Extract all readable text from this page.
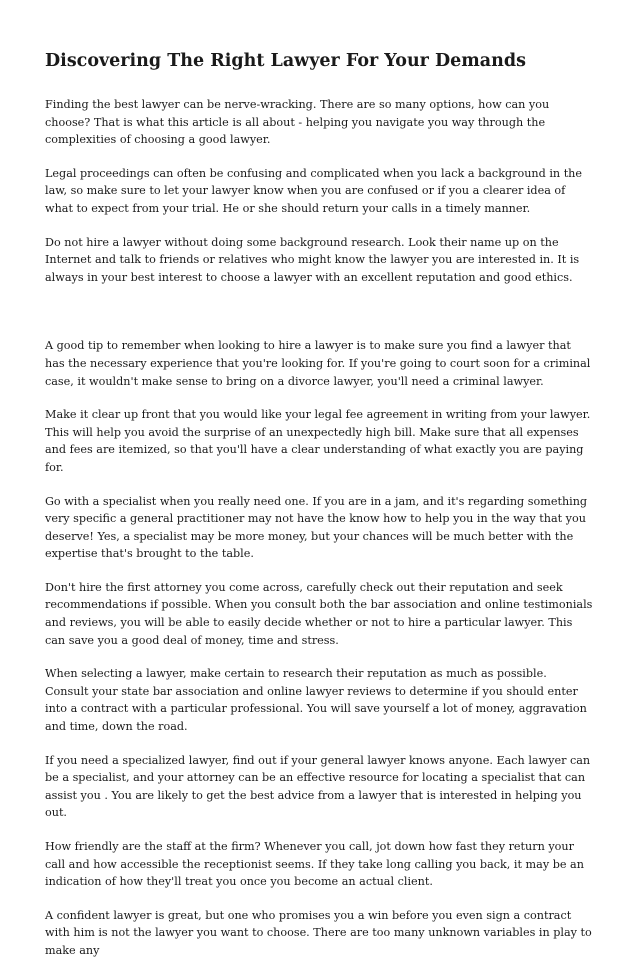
Discovering The Right Lawyer For Your Demands

Finding the best lawyer can be nerve-wracking. There are so many options, how can you choose? That is what this article is all about - helping you navigate you way through the complexities of choosing a good lawyer.

Legal proceedings can often be confusing and complicated when you lack a background in the law, so make sure to let your lawyer know when you are confused or if you a clearer idea of what to expect from your trial. He or she should return your calls in a timely manner.

Do not hire a lawyer without doing some background research. Look their name up on the Internet and talk to friends or relatives who might know the lawyer you are interested in. It is always in your best interest to choose a lawyer with an excellent reputation and good ethics.

A good tip to remember when looking to hire a lawyer is to make sure you find a lawyer that has the necessary experience that you're looking for. If you're going to court soon for a criminal case, it wouldn't make sense to bring on a divorce lawyer, you'll need a criminal lawyer.

Make it clear up front that you would like your legal fee agreement in writing from your lawyer. This will help you avoid the surprise of an unexpectedly high bill. Make sure that all expenses and fees are itemized, so that you'll have a clear understanding of what exactly you are paying for.

Go with a specialist when you really need one. If you are in a jam, and it's regarding something very specific a general practitioner may not have the know how to help you in the way that you deserve! Yes, a specialist may be more money, but your chances will be much better with the expertise that's brought to the table.

Don't hire the first attorney you come across, carefully check out their reputation and seek recommendations if possible. When you consult both the bar association and online testimonials and reviews, you will be able to easily decide whether or not to hire a particular lawyer. This can save you a good deal of money, time and stress.

When selecting a lawyer, make certain to research their reputation as much as possible. Consult your state bar association and online lawyer reviews to determine if you should enter into a contract with a particular professional. You will save yourself a lot of money, aggravation and time, down the road.

If you need a specialized lawyer, find out if your general lawyer knows anyone. Each lawyer can be a specialist, and your attorney can be an effective resource for locating a specialist that can assist you . You are likely to get the best advice from a lawyer that is interested in helping you out.

How friendly are the staff at the firm? Whenever you call, jot down how fast they return your call and how accessible the receptionist seems. If they take long calling you back, it may be an indication of how they'll treat you once you become an actual client.

A confident lawyer is great, but one who promises you a win before you even sign a contract with him is not the lawyer you want to choose. There are too many unknown variables in play to make any
